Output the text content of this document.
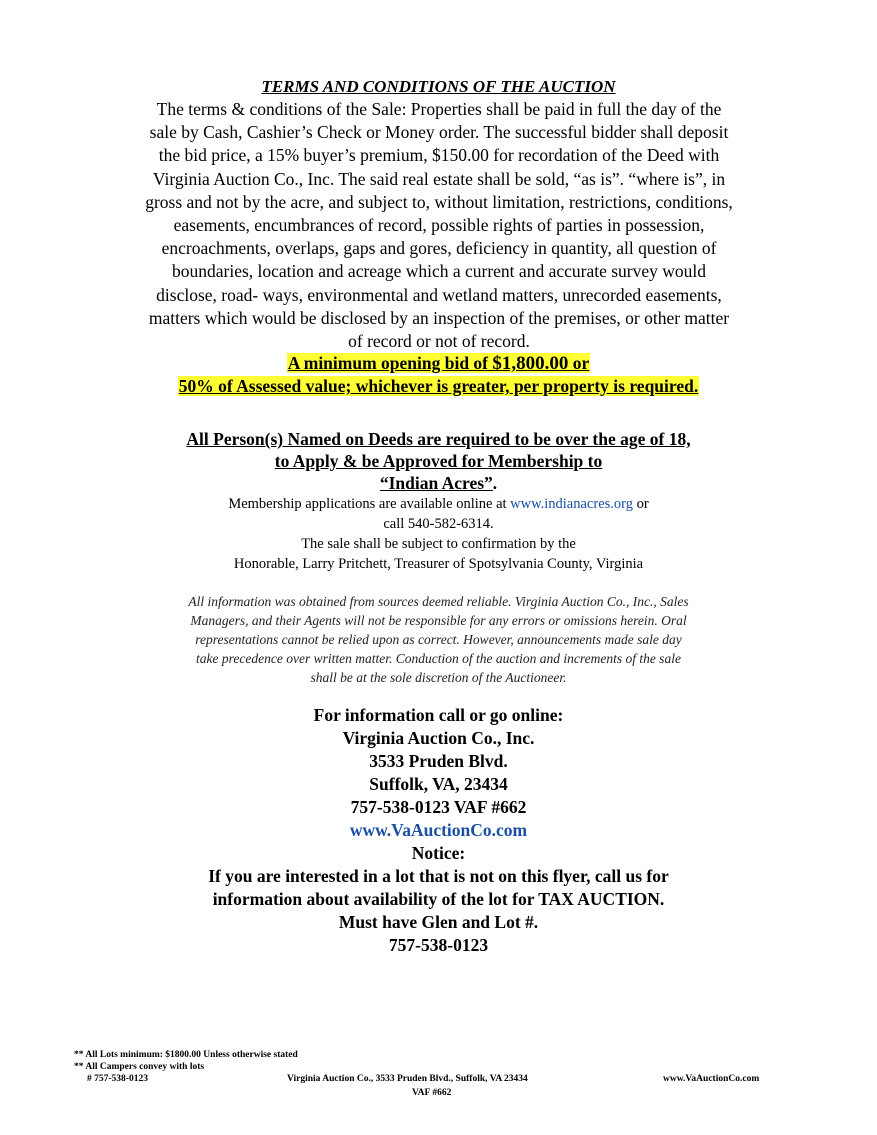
TERMS AND CONDITIONS OF THE AUCTION
The terms & conditions of the Sale: Properties shall be paid in full the day of the
sale by Cash, Cashier’s Check or Money order. The successful bidder shall deposit
the bid price, a 15% buyer’s premium, $150.00 for recordation of the Deed with
Virginia Auction Co., Inc. The said real estate shall be sold, “as is”. “where is”, in
gross and not by the acre, and subject to, without limitation, restrictions, conditions,
easements, encumbrances of record, possible rights of parties in possession,
encroachments, overlaps, gaps and gores, deficiency in quantity, all question of
boundaries, location and acreage which a current and accurate survey would
disclose, road- ways, environmental and wetland matters, unrecorded easements,
matters which would be disclosed by an inspection of the premises, or other matter
of record or not of record.
A minimum opening bid of $1,800.00 or
50% of Assessed value; whichever is greater, per property is required.
All Person(s) Named on Deeds are required to be over the age of 18,
to Apply & be Approved for Membership to
“Indian Acres”.
Membership applications are available online at www.indianacres.org or
call 540-582-6314.
The sale shall be subject to confirmation by the
Honorable, Larry Pritchett, Treasurer of Spotsylvania County, Virginia
All information was obtained from sources deemed reliable. Virginia Auction Co., Inc., Sales
Managers, and their Agents will not be responsible for any errors or omissions herein. Oral
representations cannot be relied upon as correct. However, announcements made sale day
take precedence over written matter. Conduction of the auction and increments of the sale
shall be at the sole discretion of the Auctioneer.
For information call or go online:
Virginia Auction Co., Inc.
3533 Pruden Blvd.
Suffolk, VA, 23434
757-538-0123 VAF #662
www.VaAuctionCo.com
Notice:
If you are interested in a lot that is not on this flyer, call us for
information about availability of the lot for TAX AUCTION.
Must have Glen and Lot #.
757-538-0123
** All Lots minimum: $1800.00 Unless otherwise stated
** All Campers convey with lots
# 757-538-0123	Virginia Auction Co., 3533 Pruden Blvd., Suffolk, VA 23434	www.VaAuctionCo.com
VAF #662
